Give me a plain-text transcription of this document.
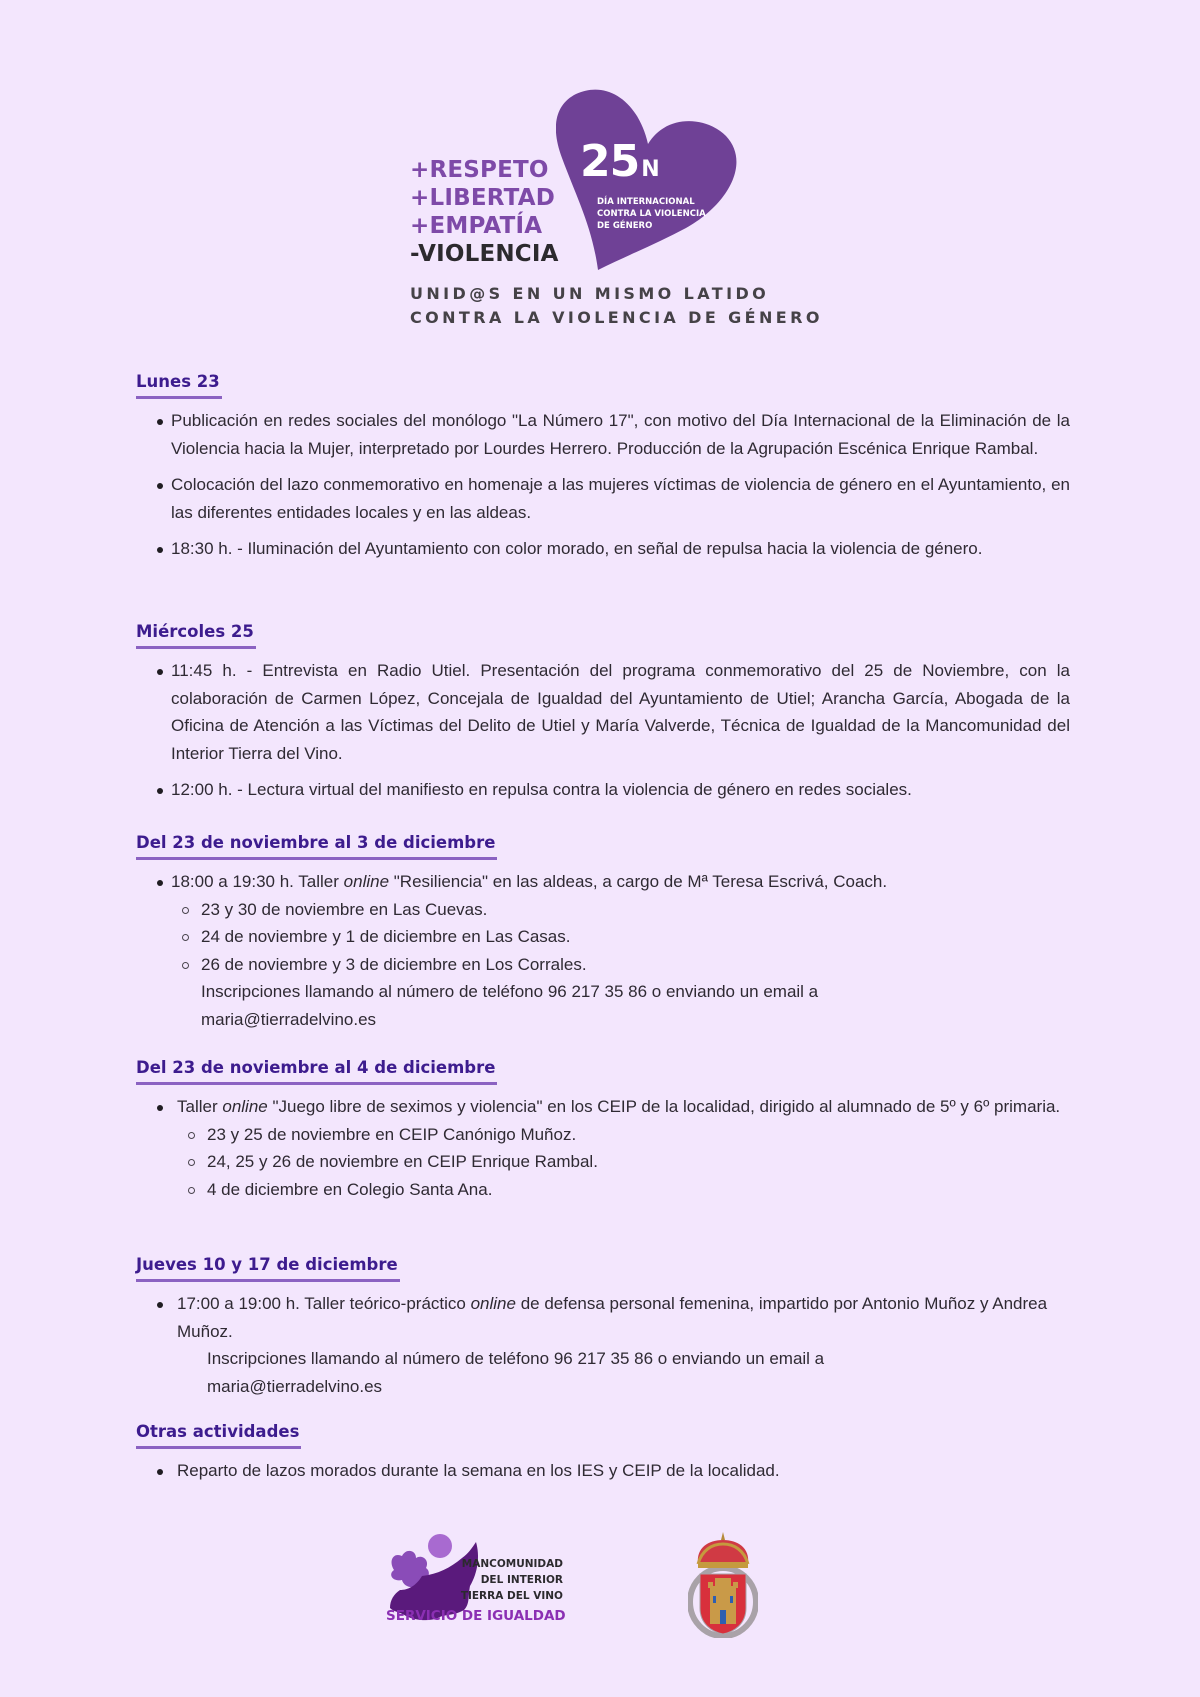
+RESPETO
+LIBERTAD
+EMPATÍA
-VIOLENCIA
25N
DÍA INTERNACIONAL
CONTRA LA VIOLENCIA
DE GÉNERO
UNID@S EN UN MISMO LATIDO
CONTRA LA VIOLENCIA DE GÉNERO
Lunes 23
Publicación en redes sociales del monólogo "La Número 17", con motivo del Día Internacional de la Eliminación de la Violencia hacia la Mujer, interpretado por Lourdes Herrero. Producción de la Agrupación Escénica Enrique Rambal.
Colocación del lazo conmemorativo en homenaje a las mujeres víctimas de violencia de género en el Ayuntamiento, en las diferentes entidades locales y en las aldeas.
18:30 h. - Iluminación del Ayuntamiento con color morado, en señal de repulsa hacia la violencia de género.
Miércoles 25
11:45 h. - Entrevista en Radio Utiel. Presentación del programa conmemorativo del 25 de Noviembre, con la colaboración de Carmen López, Concejala de Igualdad del Ayuntamiento de Utiel; Arancha García, Abogada de la Oficina de Atención a las Víctimas del Delito de Utiel y María Valverde, Técnica de Igualdad de la Mancomunidad del Interior Tierra del Vino.
12:00 h. - Lectura virtual del manifiesto en repulsa contra la violencia de género en redes sociales.
Del 23 de noviembre al 3 de diciembre
18:00 a 19:30 h. Taller online "Resiliencia" en las aldeas, a cargo de Mª Teresa Escrivá, Coach.
23 y 30 de noviembre en Las Cuevas.
24 de noviembre y 1 de diciembre en Las Casas.
26 de noviembre y 3 de diciembre en Los Corrales.
Inscripciones llamando al número de teléfono 96 217 35 86 o enviando un email a
maria@tierradelvino.es
Del 23 de noviembre al 4 de diciembre
Taller online "Juego libre de seximos y violencia" en los CEIP de la localidad, dirigido al alumnado de 5º y 6º primaria.
23 y 25 de noviembre en CEIP Canónigo Muñoz.
24, 25 y 26 de noviembre en CEIP Enrique Rambal.
4 de diciembre en Colegio Santa Ana.
Jueves 10 y 17 de diciembre
17:00 a 19:00 h. Taller teórico-práctico online de defensa personal femenina, impartido por Antonio Muñoz y Andrea Muñoz.
Inscripciones llamando al número de teléfono 96 217 35 86 o enviando un email a
maria@tierradelvino.es
Otras actividades
Reparto de lazos morados durante la semana en los IES y CEIP de la localidad.
MANCOMUNIDAD
DEL INTERIOR
TIERRA DEL VINO
SERVICIO DE IGUALDAD
